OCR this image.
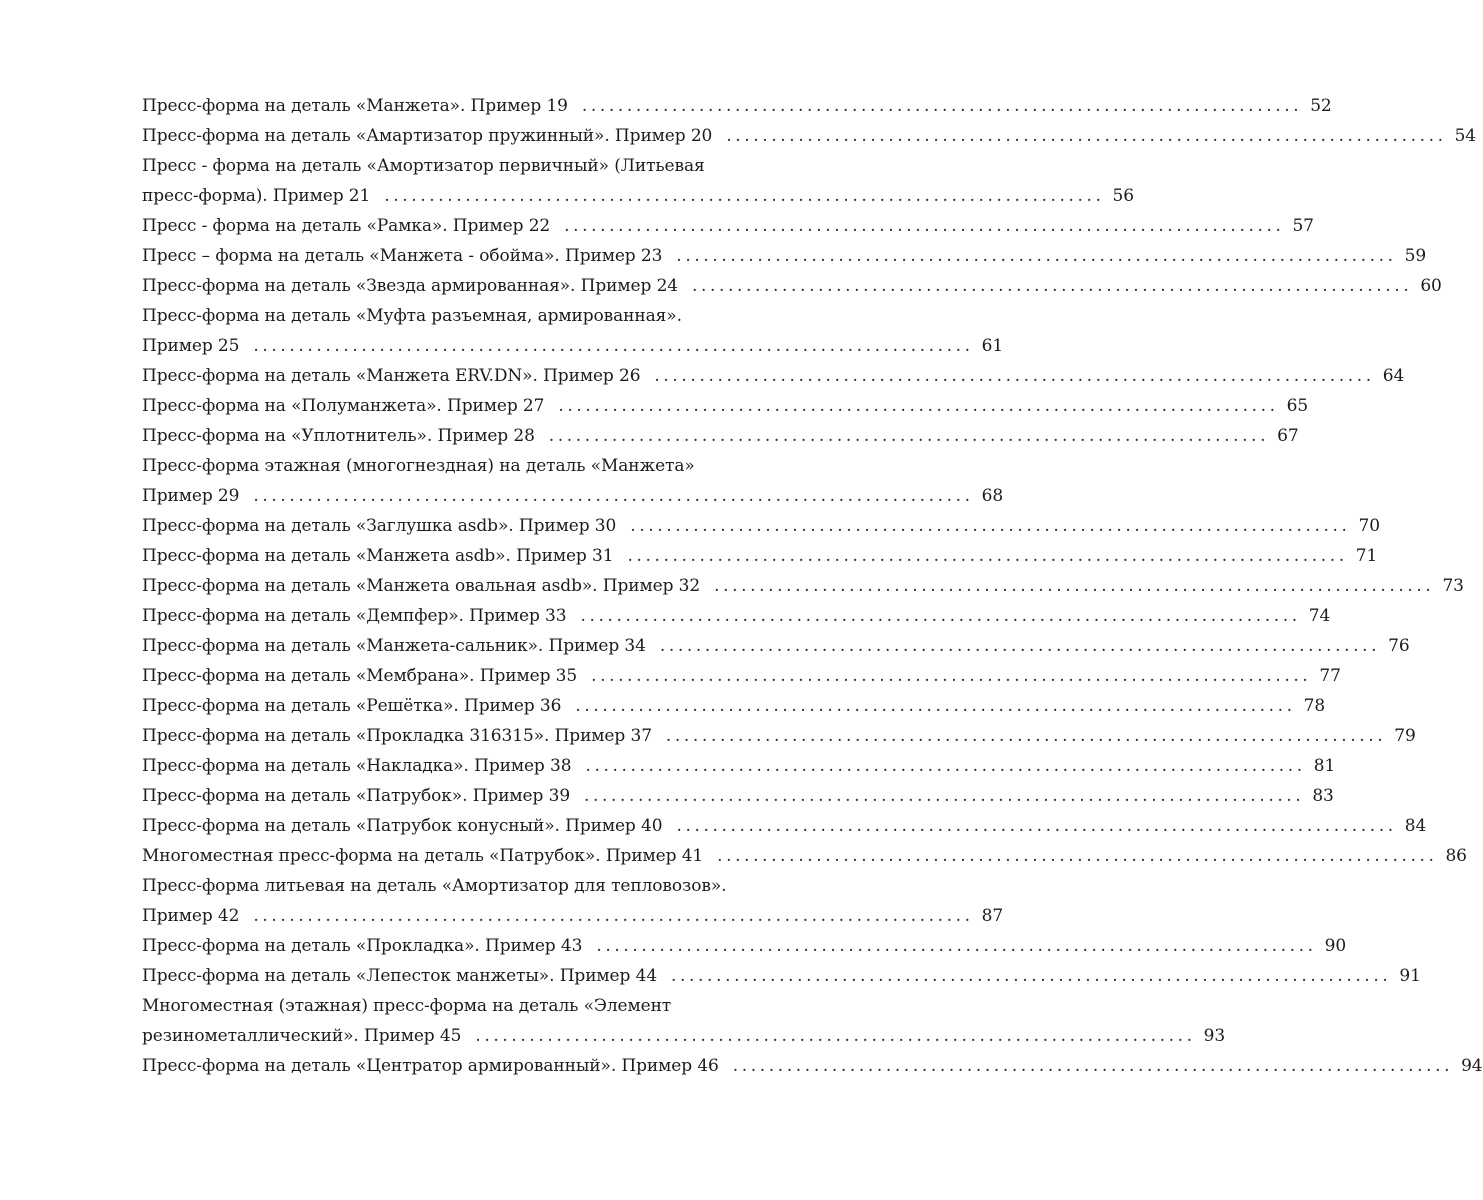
Пресс-форма на деталь «Манжета». Пример 19 ................................................................................ 52
Пресс-форма на деталь «Амартизатор пружинный». Пример 20 ................................................................................ 54
Пресс - форма на деталь «Амортизатор первичный» (Литьевая
пресс-форма). Пример 21 ................................................................................ 56
Пресс - форма на деталь «Рамка». Пример 22 ................................................................................ 57
Пресс – форма на деталь «Манжета - обойма». Пример 23 ................................................................................ 59
Пресс-форма на деталь «Звезда армированная». Пример 24 ................................................................................ 60
Пресс-форма на деталь «Муфта разъемная, армированная».
Пример 25 ................................................................................ 61
Пресс-форма на деталь «Манжета ERV.DN». Пример 26 ................................................................................ 64
Пресс-форма на «Полуманжета». Пример 27 ................................................................................ 65
Пресс-форма на «Уплотнитель». Пример 28 ................................................................................ 67
Пресс-форма этажная (многогнездная) на деталь «Манжета»
Пример 29 ................................................................................ 68
Пресс-форма на деталь «Заглушка asdb». Пример 30 ................................................................................ 70
Пресс-форма на деталь «Манжета asdb». Пример 31 ................................................................................ 71
Пресс-форма на деталь «Манжета овальная asdb». Пример 32 ................................................................................ 73
Пресс-форма на деталь «Демпфер». Пример 33 ................................................................................ 74
Пресс-форма на деталь «Манжета-сальник». Пример 34 ................................................................................ 76
Пресс-форма на деталь «Мембрана». Пример 35 ................................................................................ 77
Пресс-форма на деталь «Решётка». Пример 36 ................................................................................ 78
Пресс-форма на деталь «Прокладка 316315». Пример 37 ................................................................................ 79
Пресс-форма на деталь «Накладка». Пример 38 ................................................................................ 81
Пресс-форма на деталь «Патрубок». Пример 39 ................................................................................ 83
Пресс-форма на деталь «Патрубок конусный». Пример 40 ................................................................................ 84
Многоместная пресс-форма на деталь «Патрубок». Пример 41 ................................................................................ 86
Пресс-форма литьевая на деталь «Амортизатор для тепловозов».
Пример 42 ................................................................................ 87
Пресс-форма на деталь «Прокладка». Пример 43 ................................................................................ 90
Пресс-форма на деталь «Лепесток манжеты». Пример 44 ................................................................................ 91
Многоместная (этажная) пресс-форма на деталь «Элемент
резинометаллический». Пример 45 ................................................................................ 93
Пресс-форма на деталь «Центратор армированный». Пример 46 ................................................................................ 94
